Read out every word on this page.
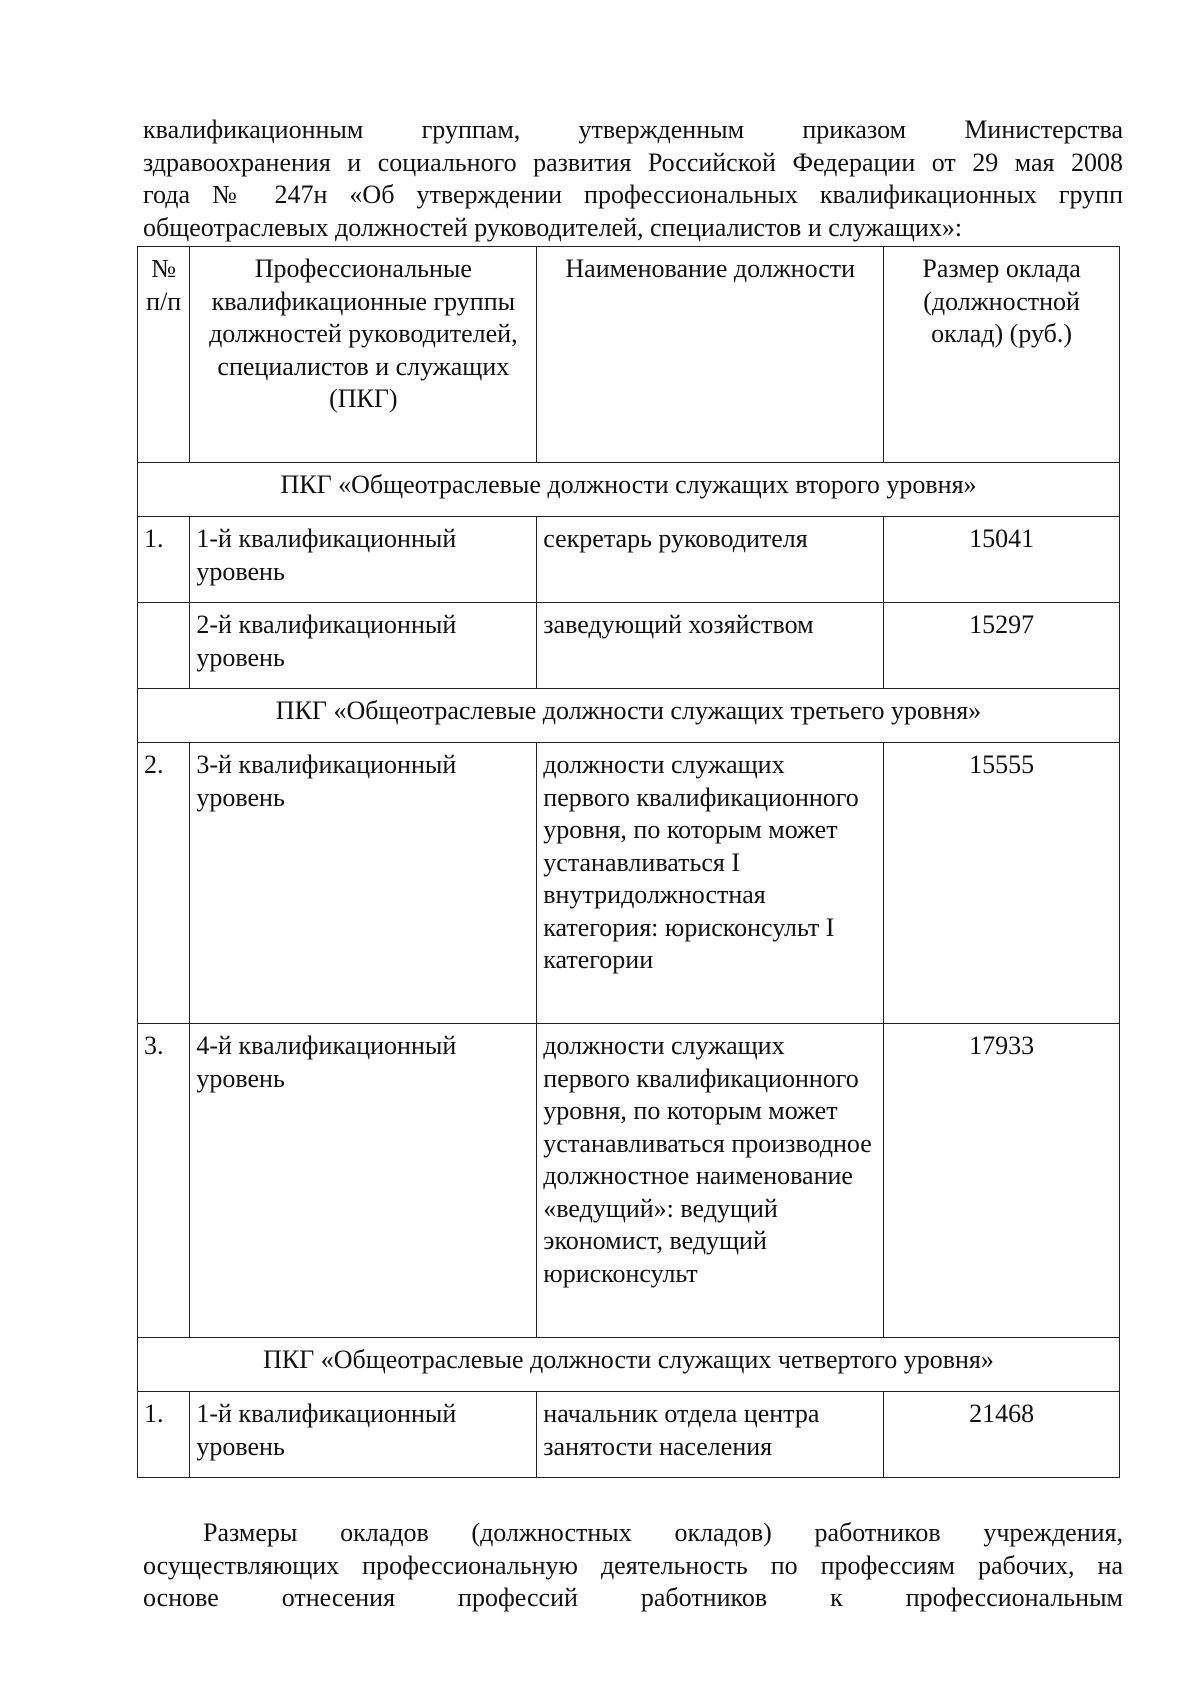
квалификационным группам, утвержденным приказом Министерства

здравоохранения и социального развития Российской Федерации от 29 мая 2008

года № 247н «Об утверждении профессиональных квалификационных групп

общеотраслевых должностей руководителей, специалистов и служащих»:

№ п/п	Профессиональные квалификационные группы должностей руководителей, специалистов и служащих (ПКГ)	Наименование должности	Размер оклада (должностной оклад) (руб.)
ПКГ «Общеотраслевые должности служащих второго уровня»			
1.	1-й квалификационный уровень	секретарь руководителя	15041
	2-й квалификационный уровень	заведующий хозяйством	15297
ПКГ «Общеотраслевые должности служащих третьего уровня»			
2.	3-й квалификационный уровень	должности служащих первого квалификационного уровня, по которым может устанавливаться I внутридолжностная категория: юрисконсульт I категории	15555
3.	4-й квалификационный уровень	должности служащих первого квалификационного уровня, по которым может устанавливаться производное должностное наименование «ведущий»: ведущий экономист, ведущий юрисконсульт	17933
ПКГ «Общеотраслевые должности служащих четвертого уровня»			
1.	1-й квалификационный уровень	начальник отдела центра занятости населения	21468

Размеры окладов (должностных окладов) работников учреждения,

осуществляющих профессиональную деятельность по профессиям рабочих, на

основе отнесения профессий работников к профессиональным
